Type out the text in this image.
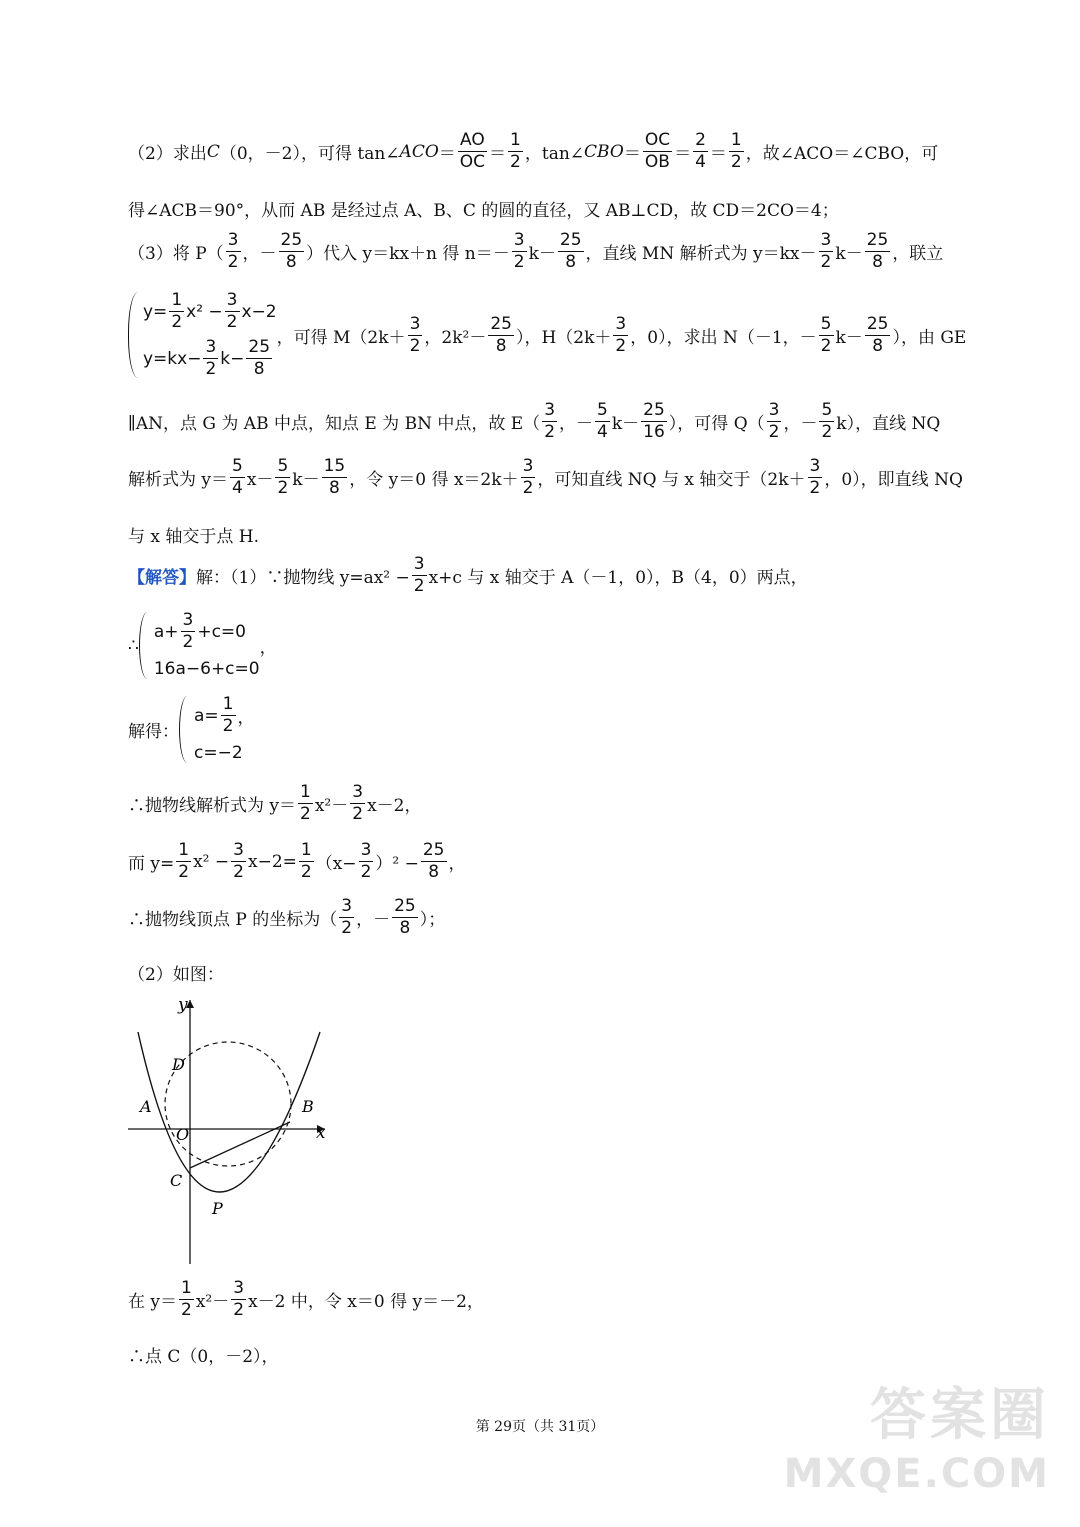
（2）求出 C （0，－2），可得 tan∠ ACO ＝ $\frac{AO}{OC} = \frac{1}{2}$ ，tan∠ CBO ＝ $\frac{OC}{OB} = \frac{2}{4} = \frac{1}{2}$ ，故∠ACO＝∠CBO，可
得∠ACB＝90°，从而 AB 是经过点 A、B、C 的圆的直径，又 AB⊥CD，故 CD＝2CO＝4；
（3）将 $P( \frac{3}{2}$ ，－ $\frac{25}{8}$ ）代入 y＝kx＋n 得 $n=- \frac{3}{2} k- \frac{25}{8}$ ，直线 MN 解析式为 $y=kx- \frac{3}{2} k- \frac{25}{8}$ ，联立
$y= \frac{1}{2} x^2 - \frac{3}{2} x-2$
$y=kx- \frac{3}{2} k- \frac{25}{8}$
，可得 $M(2k+ \frac{3}{2}$ ，$2k^2- \frac{25}{8}$ ），$H(2k+ \frac{3}{2}$ ，0），求出 N（－1，－ $\frac{5}{2} k- \frac{25}{8}$ ），由 GE
∥AN，点 G 为 AB 中点，知点 E 为 BN 中点，故 $E( \frac{3}{2}$ ，－ $\frac{5}{4} k- \frac{25}{16}$ ），可得 $Q( \frac{3}{2}$ ，－ $\frac{5}{2} k$），直线 NQ
解析式为 $y= \frac{5}{4} x- \frac{5}{2} k- \frac{15}{8}$ ，令 y＝0 得 $x=2k+ \frac{3}{2}$ ，可知直线 NQ 与 x 轴交于（$2k+ \frac{3}{2}$ ，0），即直线 NQ
与 x 轴交于点 H.
【解答】 解：（1）∵抛物线 $y=ax^2 - \frac{3}{2} x+c$ 与 x 轴交于 A（－1，0），B（4，0）两点，
∴
$a+ \frac{3}{2} +c=0$
16a−6+c=0
，
解得：
$a= \frac{1}{2}$ ，
c=−2
∴抛物线解析式为 $y= \frac{1}{2} x^2- \frac{3}{2} x-2$，
而 $y= \frac{1}{2} x^2 - \frac{3}{2} x-2= \frac{1}{2} (x- \frac{3}{2} )^2 - \frac{25}{8}$ ，
∴抛物线顶点 P 的坐标为（ $\frac{3}{2}$ ，－ $\frac{25}{8}$ ）；
（2）如图：
y
x
D
A	B
O
C
P
在 $y= \frac{1}{2} x^2- \frac{3}{2} x-2$ 中，令 x＝0 得 y＝－2，
∴点 C（0，－2），
第 29页（共 31页）	答案圈
MXQE.COM
